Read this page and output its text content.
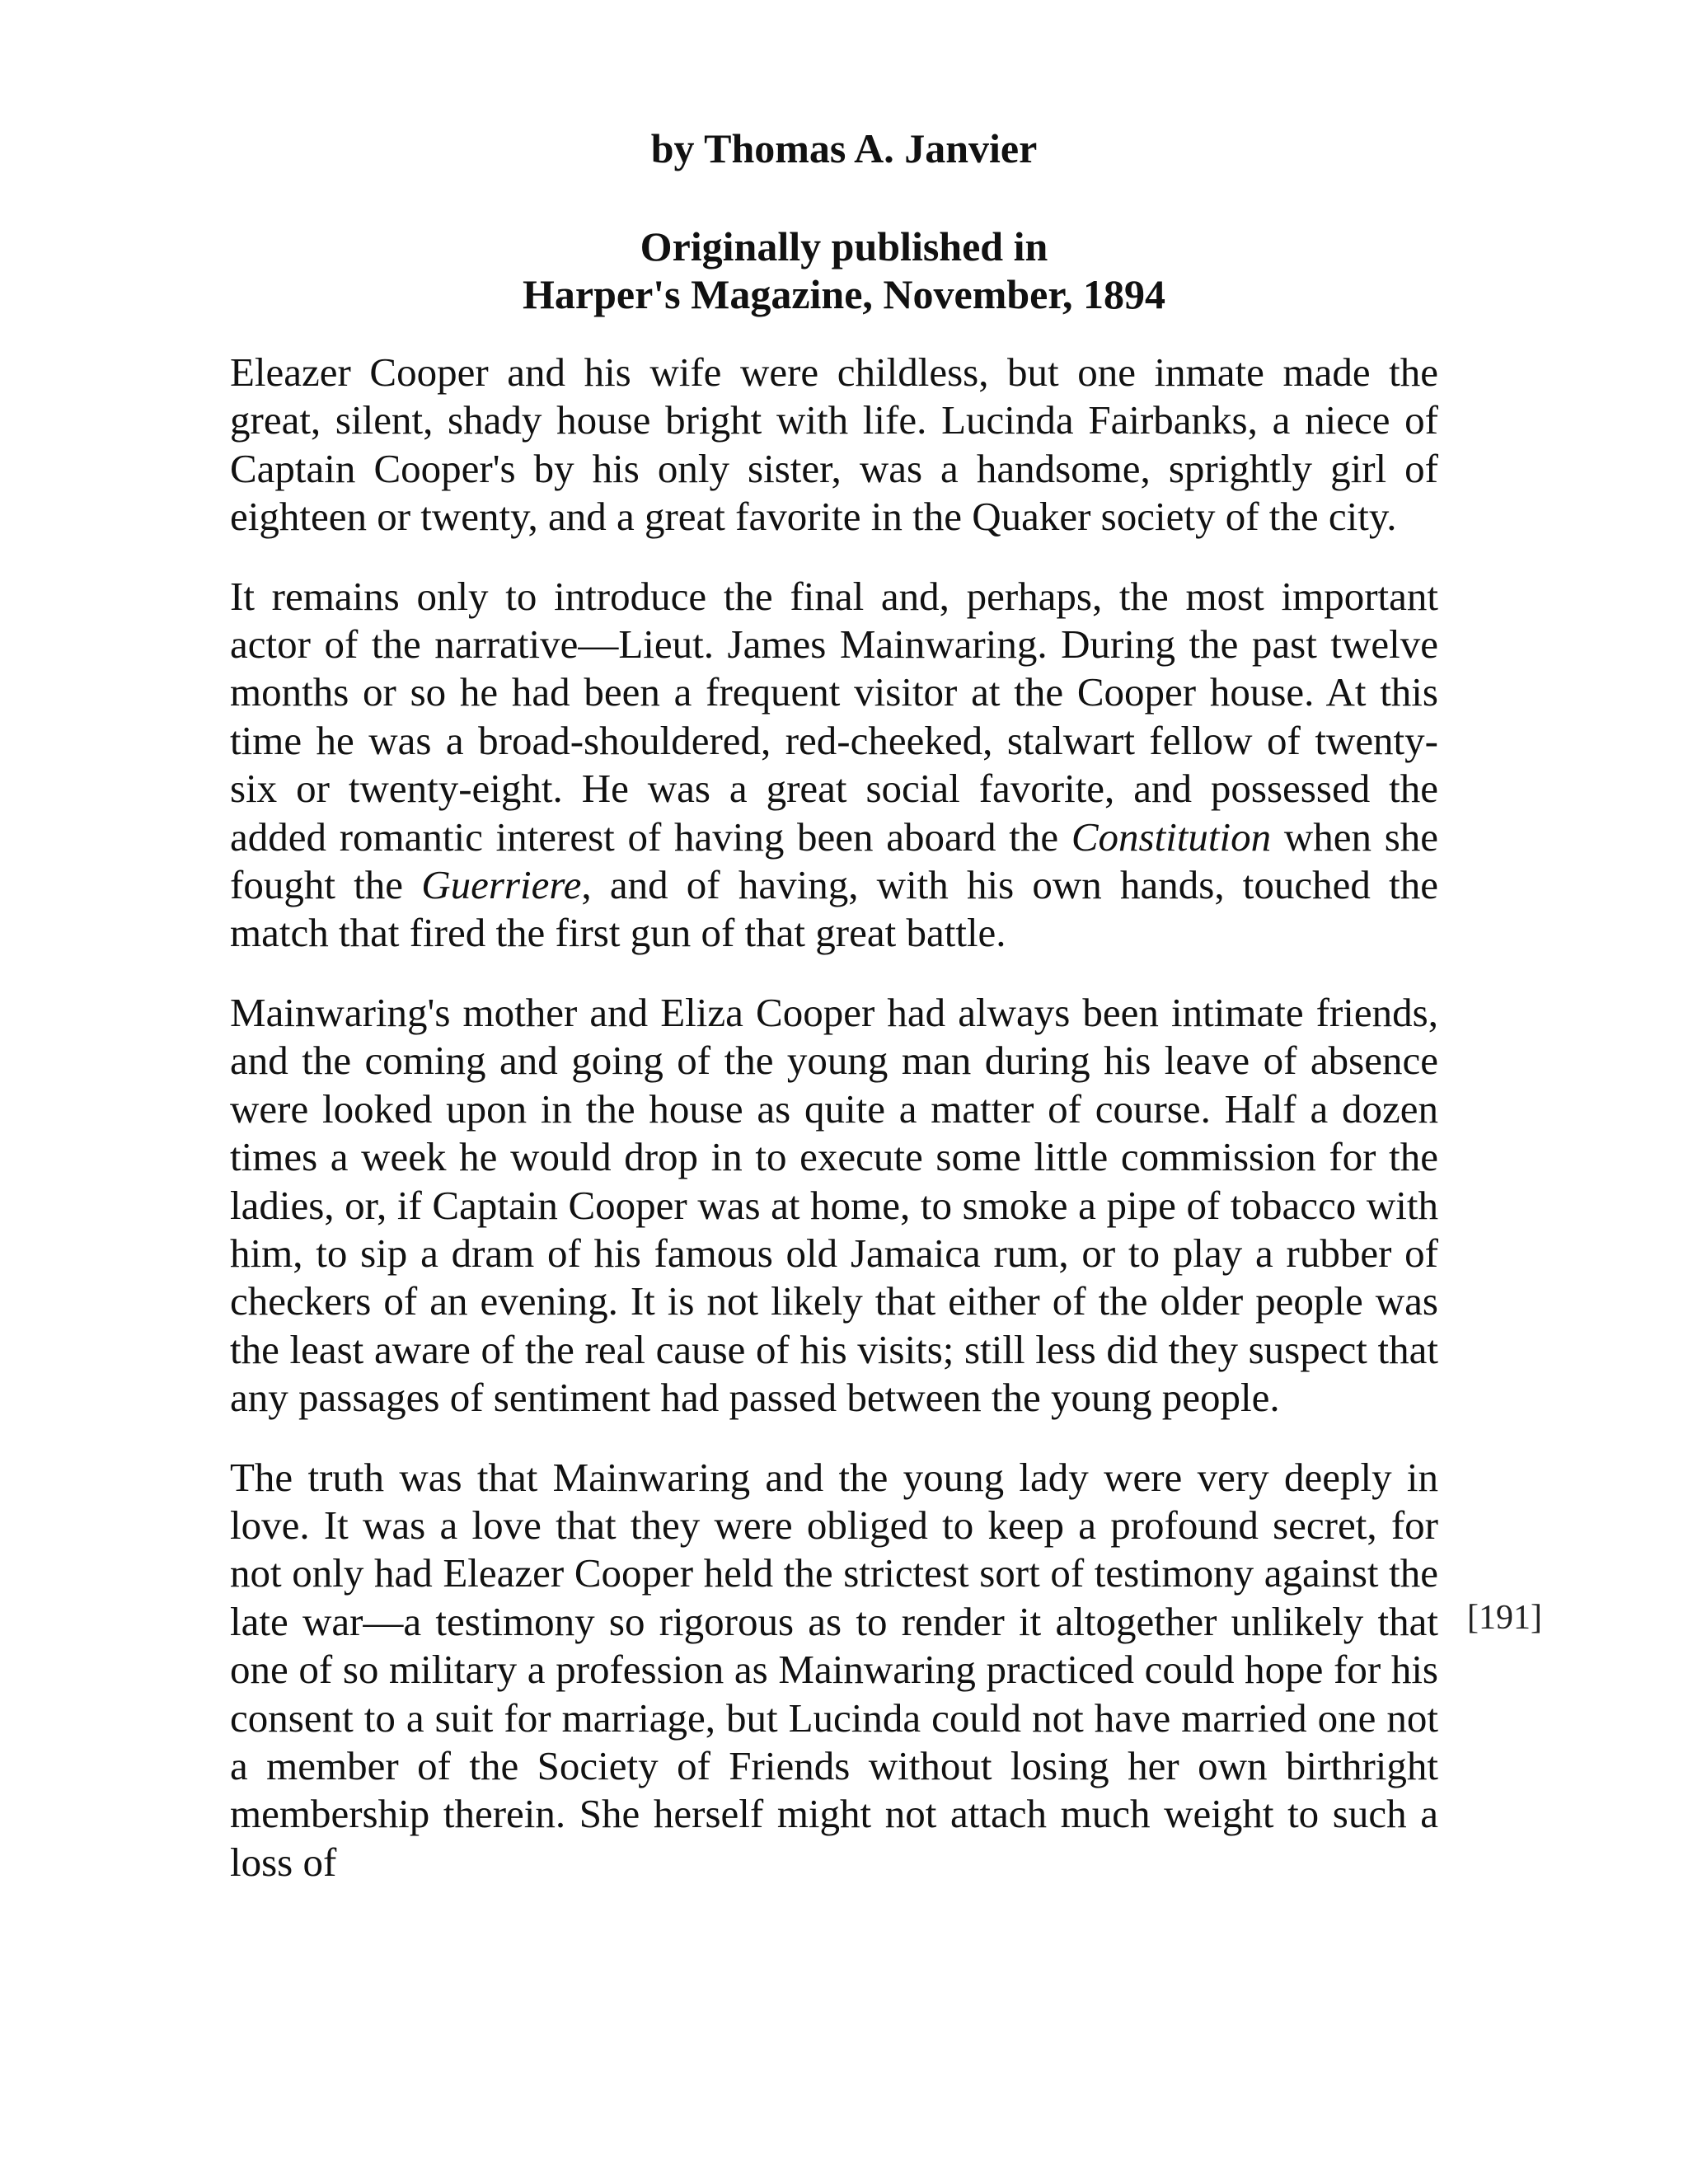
by Thomas A. Janvier
Originally published in
Harper's Magazine, November, 1894

Eleazer Cooper and his wife were childless, but one inmate made the great, silent, shady house bright with life. Lucinda Fairbanks, a niece of Captain Cooper's by his only sister, was a handsome, sprightly girl of eighteen or twenty, and a great favorite in the Quaker society of the city.

It remains only to introduce the final and, perhaps, the most important actor of the narrative—Lieut. James Mainwaring. During the past twelve months or so he had been a frequent visitor at the Cooper house. At this time he was a broad-shouldered, red-cheeked, stalwart fellow of twenty-six or twenty-eight. He was a great social favorite, and possessed the added romantic interest of having been aboard the Constitution when she fought the Guerriere, and of having, with his own hands, touched the match that fired the first gun of that great battle.

Mainwaring's mother and Eliza Cooper had always been intimate friends, and the coming and going of the young man during his leave of absence were looked upon in the house as quite a matter of course. Half a dozen times a week he would drop in to execute some little commission for the ladies, or, if Captain Cooper was at home, to smoke a pipe of tobacco with him, to sip a dram of his famous old Jamaica rum, or to play a rubber of checkers of an evening. It is not likely that either of the older people was the least aware of the real cause of his visits; still less did they suspect that any passages of sentiment had passed between the young people.

The truth was that Mainwaring and the young lady were very deeply in love. It was a love that they were obliged to keep a profound secret, for not only had Eleazer Cooper held the strictest sort of testimony against the late war—a testimony so rigorous as to render it altogether unlikely that one of so military a profession as Mainwaring practiced could hope for his consent to a suit for marriage, but Lucinda could not have married one not a member of the Society of Friends without losing her own birthright membership therein. She herself might not attach much weight to such a loss of

[191]
